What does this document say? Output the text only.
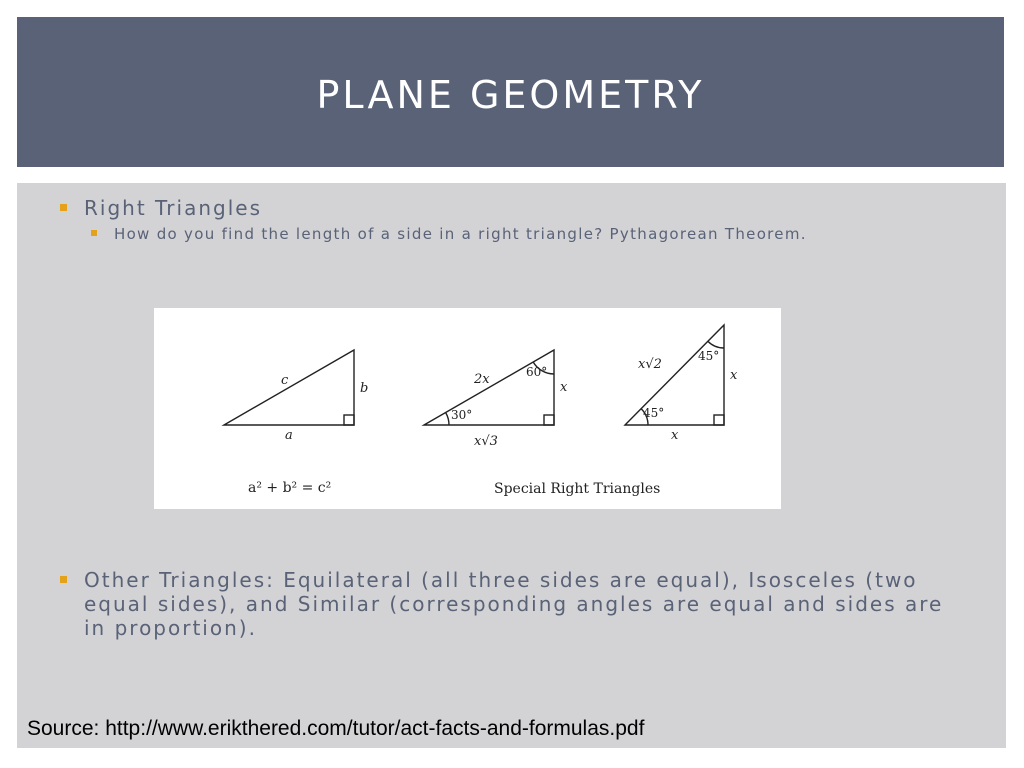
PLANE GEOMETRY
Right Triangles
How do you find the length of a side in a right triangle? Pythagorean Theorem.
c
b
a
a² + b² = c²
2x	60°
30°
x
x√3
x√2
45°
45°
x
x
Special Right Triangles
Other Triangles: Equilateral (all three sides are equal), Isosceles (two equal sides), and Similar (corresponding angles are equal and sides are in proportion).
Source: http://www.erikthered.com/tutor/act-facts-and-formulas.pdf
